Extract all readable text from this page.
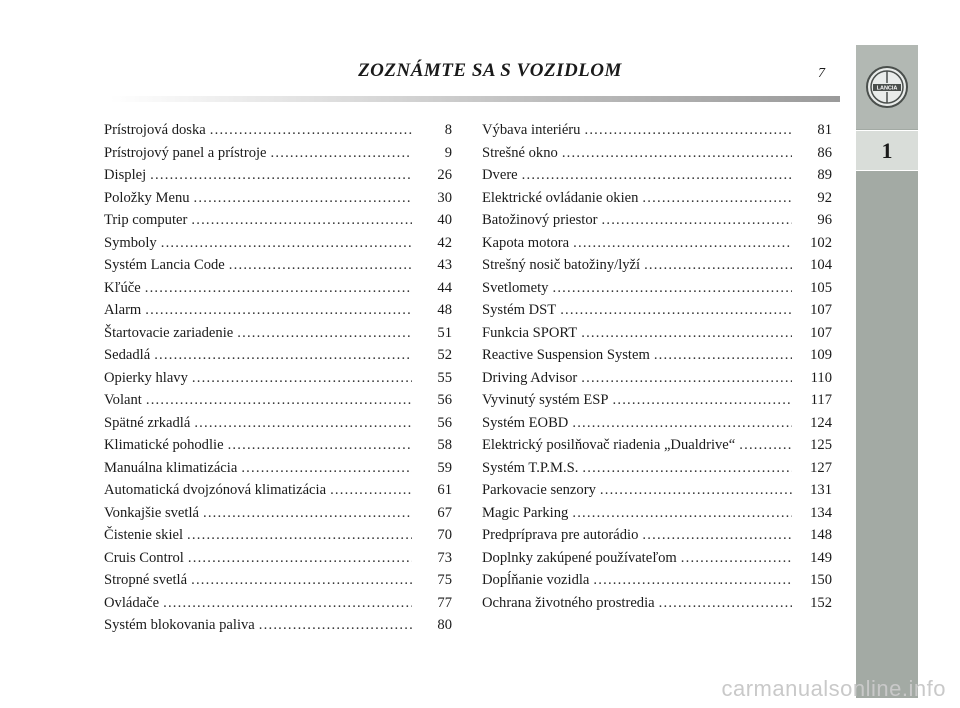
ZOZNÁMTE SA S VOZIDLOM	7
LANCIA
1
Prístrojová doska .....	8
Prístrojový panel a prístroje .....	9
Displej .....	26
Položky Menu .....	30
Trip computer .....	40
Symboly .....	42
Systém Lancia Code .....	43
Kľúče .....	44
Alarm .....	48
Štartovacie zariadenie .....	51
Sedadlá .....	52
Opierky hlavy .....	55
Volant .....	56
Spätné zrkadlá .....	56
Klimatické pohodlie .....	58
Manuálna klimatizácia .....	59
Automatická dvojzónová klimatizácia .....	61
Vonkajšie svetlá .....	67
Čistenie skiel .....	70
Cruis Control .....	73
Stropné svetlá .....	75
Ovládače .....	77
Systém blokovania paliva .....	80
Výbava interiéru .....	81
Strešné okno .....	86
Dvere .....	89
Elektrické ovládanie okien .....	92
Batožinový priestor .....	96
Kapota motora .....	102
Strešný nosič batožiny/lyží .....	104
Svetlomety .....	105
Systém DST .....	107
Funkcia SPORT .....	107
Reactive Suspension System .....	109
Driving Advisor .....	110
Vyvinutý systém ESP .....	117
Systém EOBD .....	124
Elektrický posilňovač riadenia „Dualdrive“ .....	125
Systém T.P.M.S. .....	127
Parkovacie senzory .....	131
Magic Parking .....	134
Predpríprava pre autorádio .....	148
Doplnky zakúpené používateľom .....	149
Dopĺňanie vozidla .....	150
Ochrana životného prostredia .....	152
carmanualsonline.info
